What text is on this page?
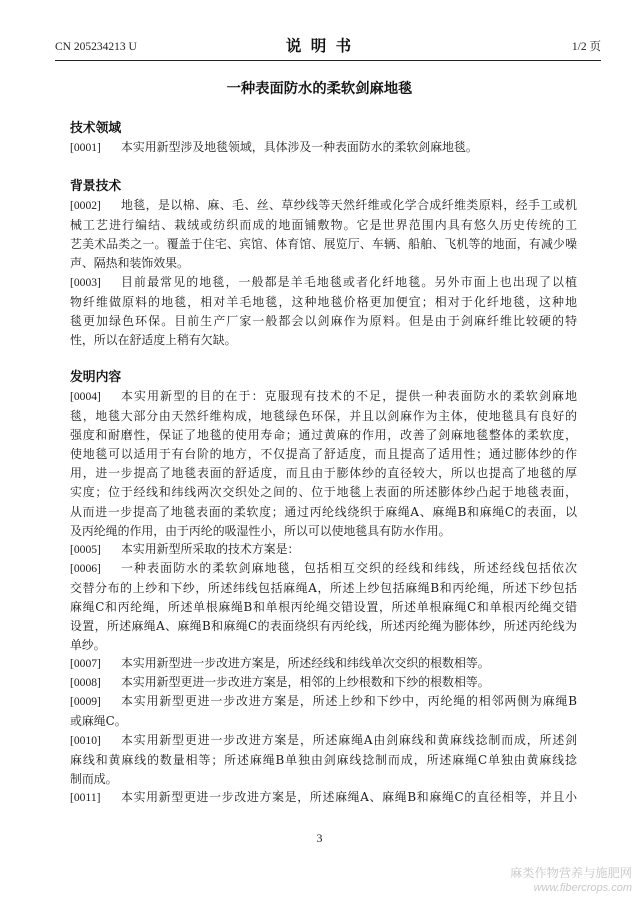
CN 205234213 U	说 明 书	1/2 页
一种表面防水的柔软剑麻地毯
技术领域
[0001]	本实用新型涉及地毯领域，具体涉及一种表面防水的柔软剑麻地毯。
背景技术
[0002]	地毯，是以棉、麻、毛、丝、草纱线等天然纤维或化学合成纤维类原料，经手工或机
械工艺进行编结、栽绒或纺织而成的地面铺敷物。它是世界范围内具有悠久历史传统的工
艺美术品类之一。覆盖于住宅、宾馆、体育馆、展览厅、车辆、船舶、飞机等的地面，有减少噪
声、隔热和装饰效果。
[0003]	目前最常见的地毯，一般都是羊毛地毯或者化纤地毯。另外市面上也出现了以植
物纤维做原料的地毯，相对羊毛地毯，这种地毯价格更加便宜；相对于化纤地毯，这种地
毯更加绿色环保。目前生产厂家一般都会以剑麻作为原料。但是由于剑麻纤维比较硬的特
性，所以在舒适度上稍有欠缺。
发明内容
[0004]	本实用新型的目的在于：克服现有技术的不足，提供一种表面防水的柔软剑麻地
毯，地毯大部分由天然纤维构成，地毯绿色环保，并且以剑麻作为主体，使地毯具有良好的
强度和耐磨性，保证了地毯的使用寿命；通过黄麻的作用，改善了剑麻地毯整体的柔软度，
使地毯可以适用于有台阶的地方，不仅提高了舒适度，而且提高了适用性；通过膨体纱的作
用，进一步提高了地毯表面的舒适度，而且由于膨体纱的直径较大，所以也提高了地毯的厚
实度；位于经线和纬线两次交织处之间的、位于地毯上表面的所述膨体纱凸起于地毯表面，
从而进一步提高了地毯表面的柔软度；通过丙纶线绕织于麻绳A、麻绳B和麻绳C的表面，以
及丙纶绳的作用，由于丙纶的吸湿性小，所以可以使地毯具有防水作用。
[0005]	本实用新型所采取的技术方案是：
[0006]	一种表面防水的柔软剑麻地毯，包括相互交织的经线和纬线，所述经线包括依次
交替分布的上纱和下纱，所述纬线包括麻绳A，所述上纱包括麻绳B和丙纶绳，所述下纱包括
麻绳C和丙纶绳，所述单根麻绳B和单根丙纶绳交错设置，所述单根麻绳C和单根丙纶绳交错
设置，所述麻绳A、麻绳B和麻绳C的表面绕织有丙纶线，所述丙纶绳为膨体纱，所述丙纶线为
单纱。
[0007]	本实用新型进一步改进方案是，所述经线和纬线单次交织的根数相等。
[0008]	本实用新型更进一步改进方案是，相邻的上纱根数和下纱的根数相等。
[0009]	本实用新型更进一步改进方案是，所述上纱和下纱中，丙纶绳的相邻两侧为麻绳B
或麻绳C。
[0010]	本实用新型更进一步改进方案是，所述麻绳A由剑麻线和黄麻线捻制而成，所述剑
麻线和黄麻线的数量相等；所述麻绳B单独由剑麻线捻制而成，所述麻绳C单独由黄麻线捻
制而成。
[0011]	本实用新型更进一步改进方案是，所述麻绳A、麻绳B和麻绳C的直径相等，并且小
3
麻类作物营养与施肥网
www.fibercrops.com
